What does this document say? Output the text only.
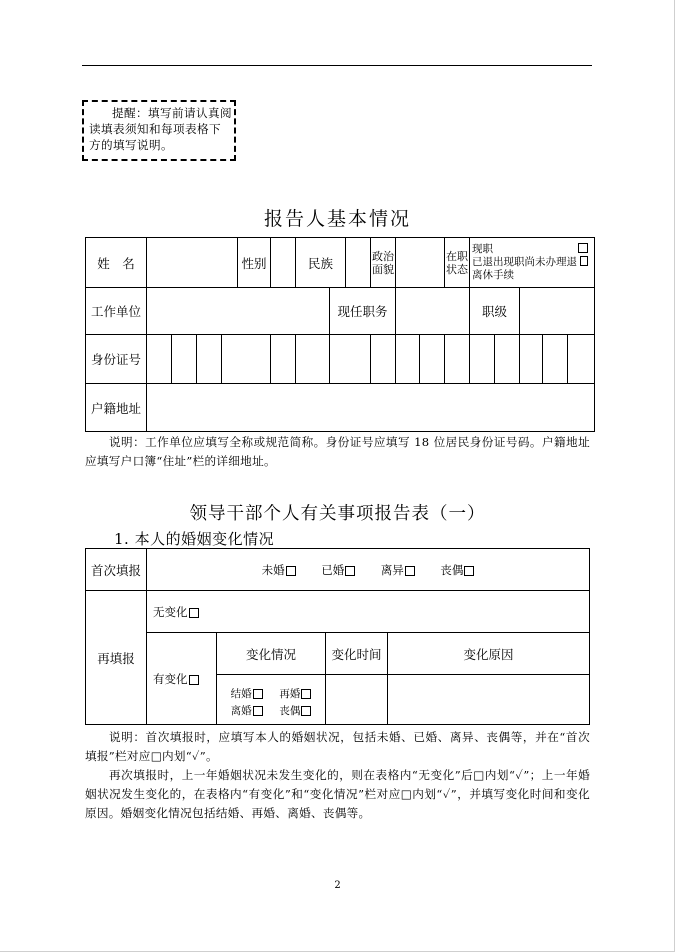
提醒：填写前请认真阅读填表须知和每项表格下方的填写说明。
报告人基本情况
姓　名					性别		民族			政治面貌			在职状态	现职
已退出现职尚未办理退离休手续					

工作单位								现任职务						职级					
身份证号																			
户籍地址																			
说明：工作单位应填写全称或规范简称。身份证号应填写 18 位居民身份证号码。户籍地址应填写户口簿“住址”栏的详细地址。
领导干部个人有关事项报告表（一）
1. 本人的婚姻变化情况
首次填报	未婚 已婚 离异 丧偶			
再填报	无变化			
	有变化	变化情况	变化时间	变化原因
		结婚 再婚
离婚 丧偶		
说明：首次填报时，应填写本人的婚姻状况，包括未婚、已婚、离异、丧偶等，并在“首次填报”栏对应□内划“✓”。
再次填报时，上一年婚姻状况未发生变化的，则在表格内“无变化”后□内划“✓”；上一年婚姻状况发生变化的，在表格内“有变化”和“变化情况”栏对应□内划“✓”，并填写变化时间和变化原因。婚姻变化情况包括结婚、再婚、离婚、丧偶等。
2
